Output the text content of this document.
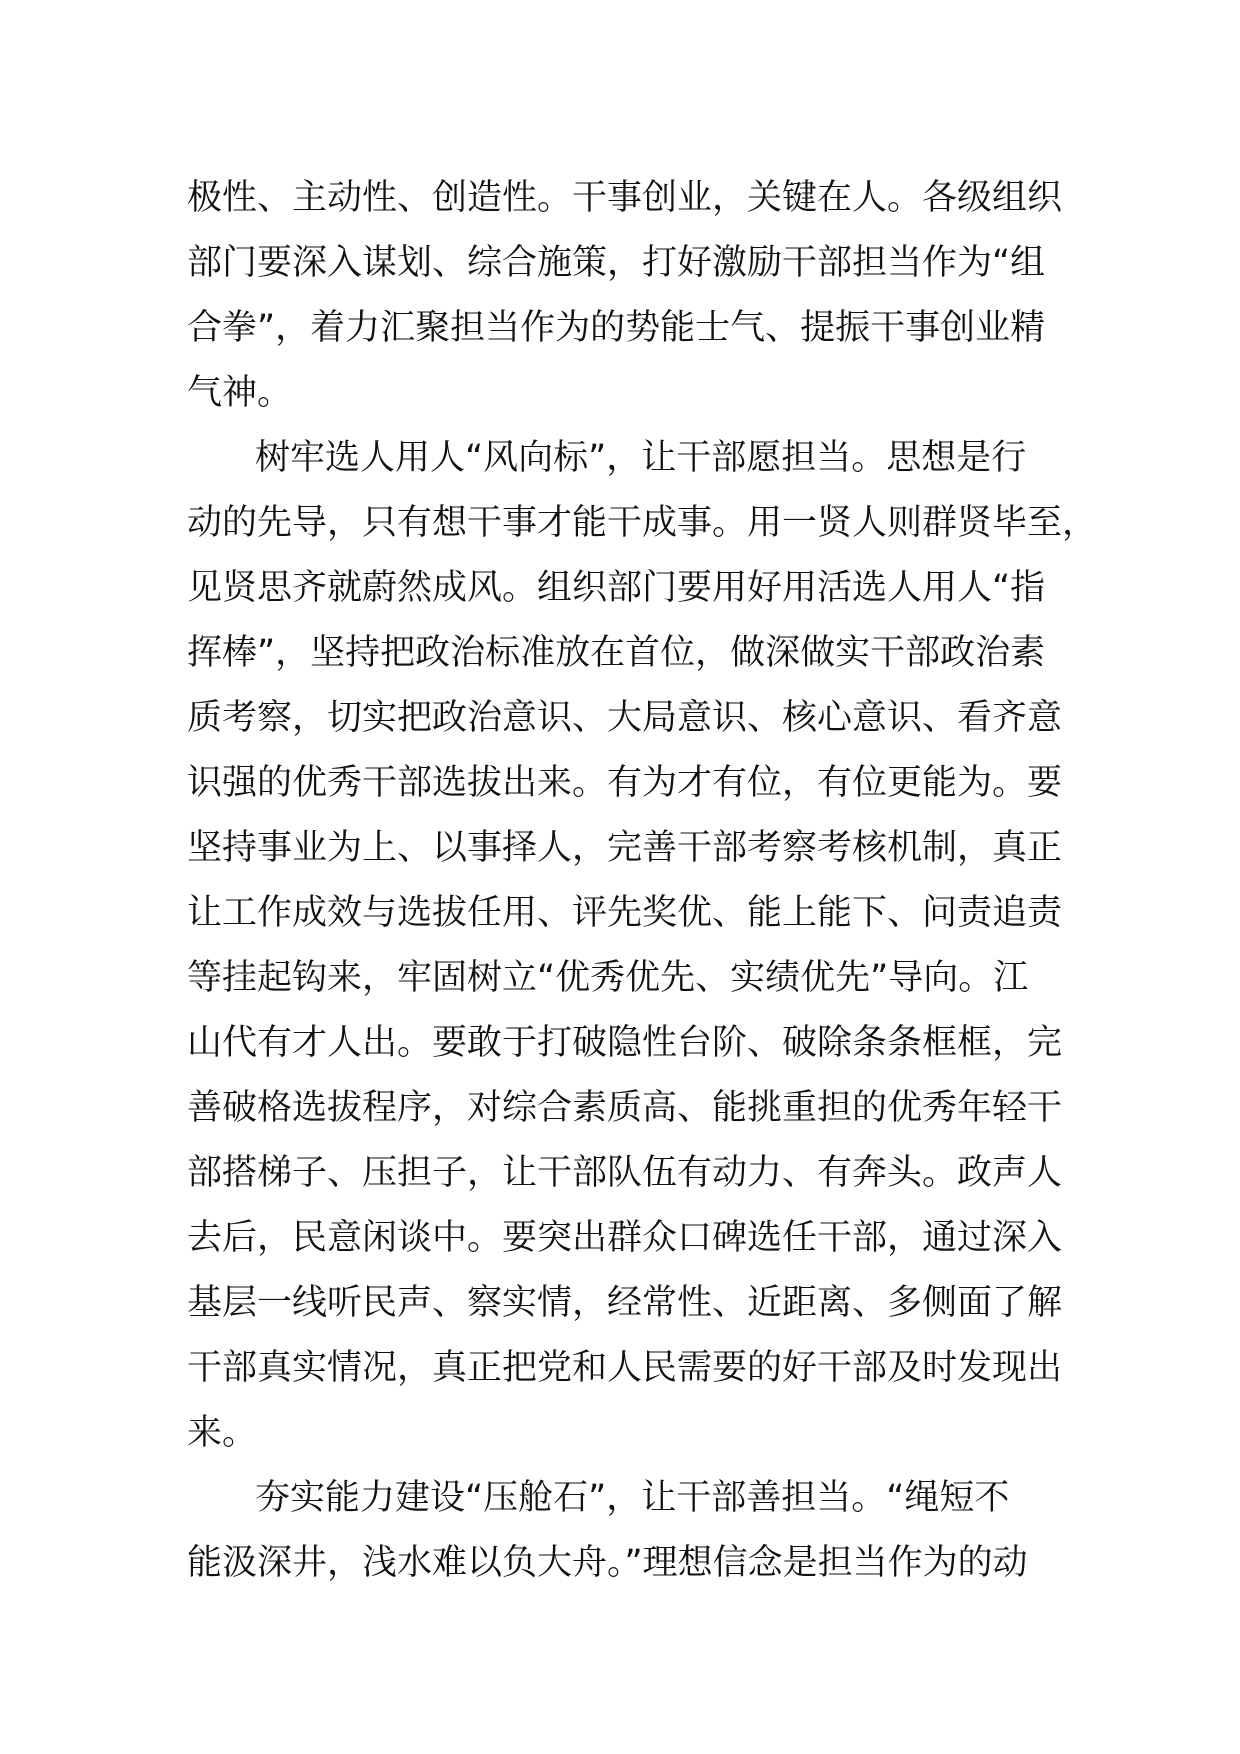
极性、主动性、创造性。干事创业，关键在人。各级组织
部门要深入谋划、综合施策，打好激励干部担当作为“组
合拳”，着力汇聚担当作为的势能士气、提振干事创业精
气神。
树牢选人用人“风向标”，让干部愿担当。思想是行
动的先导，只有想干事才能干成事。用一贤人则群贤毕至，
见贤思齐就蔚然成风。组织部门要用好用活选人用人“指
挥棒”，坚持把政治标准放在首位，做深做实干部政治素
质考察，切实把政治意识、大局意识、核心意识、看齐意
识强的优秀干部选拔出来。有为才有位，有位更能为。要
坚持事业为上、以事择人，完善干部考察考核机制，真正
让工作成效与选拔任用、评先奖优、能上能下、问责追责
等挂起钩来，牢固树立“优秀优先、实绩优先”导向。江
山代有才人出。要敢于打破隐性台阶、破除条条框框，完
善破格选拔程序，对综合素质高、能挑重担的优秀年轻干
部搭梯子、压担子，让干部队伍有动力、有奔头。政声人
去后，民意闲谈中。要突出群众口碑选任干部，通过深入
基层一线听民声、察实情，经常性、近距离、多侧面了解
干部真实情况，真正把党和人民需要的好干部及时发现出
来。
夯实能力建设“压舱石”，让干部善担当。“绳短不
能汲深井，浅水难以负大舟。”理想信念是担当作为的动
